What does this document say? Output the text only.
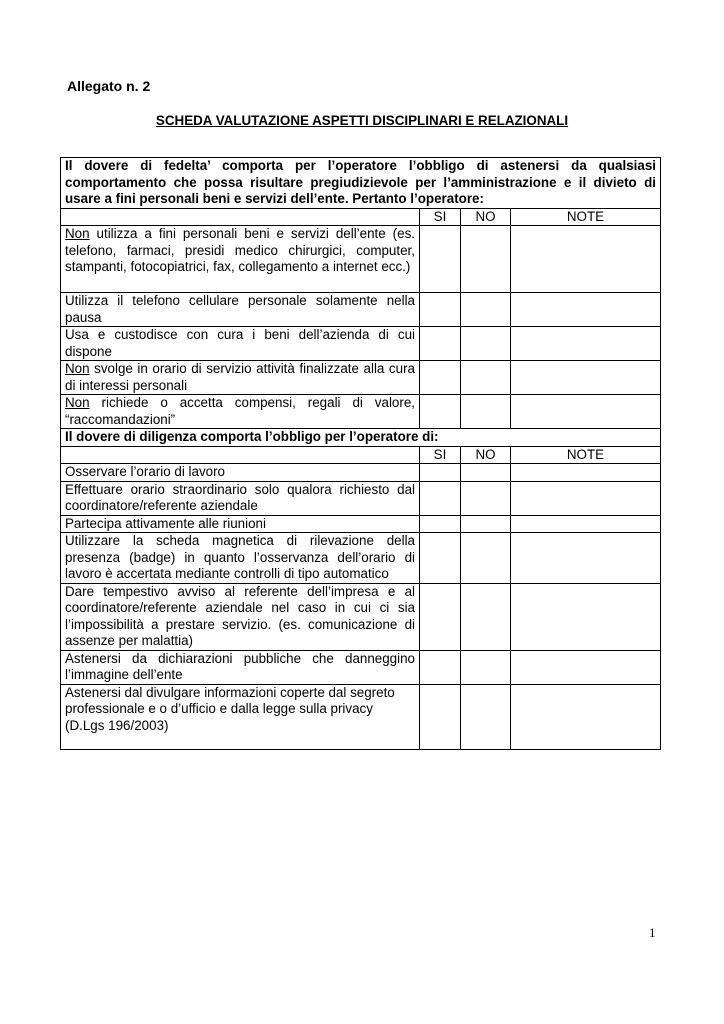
Allegato n. 2
SCHEDA VALUTAZIONE ASPETTI DISCIPLINARI E RELAZIONALI
Il dovere di fedelta’ comporta per l’operatore l’obbligo di astenersi da qualsiasi comportamento che possa risultare pregiudizievole per l’amministrazione e il divieto di usare a fini personali beni e servizi dell’ente. Pertanto l’operatore:			
	SI	NO	NOTE
Non utilizza a fini personali beni e servizi dell’ente (es. telefono, farmaci, presidi medico chirurgici, computer, stampanti, fotocopiatrici, fax, collegamento a internet ecc.)			
Utilizza il telefono cellulare personale solamente nella pausa			
Usa e custodisce con cura i beni dell’azienda di cui dispone			
Non svolge in orario di servizio attività finalizzate alla cura di interessi personali			
Non richiede o accetta compensi, regali di valore, “raccomandazioni”			
Il dovere di diligenza comporta l’obbligo per l’operatore di:			
	SI	NO	NOTE
Osservare l’orario di lavoro			
Effettuare orario straordinario solo qualora richiesto dal coordinatore/referente aziendale			
Partecipa attivamente alle riunioni			
Utilizzare la scheda magnetica di rilevazione della presenza (badge) in quanto l’osservanza dell’orario di lavoro è accertata mediante controlli di tipo automatico			
Dare tempestivo avviso al referente dell’impresa e al coordinatore/referente aziendale nel caso in cui ci sia l’impossibilità a prestare servizio. (es. comunicazione di assenze per malattia)			
Astenersi da dichiarazioni pubbliche che danneggino l’immagine dell’ente			
Astenersi dal divulgare informazioni coperte dal segreto professionale e o d’ufficio e dalla legge sulla privacy (D.Lgs 196/2003)			
1
